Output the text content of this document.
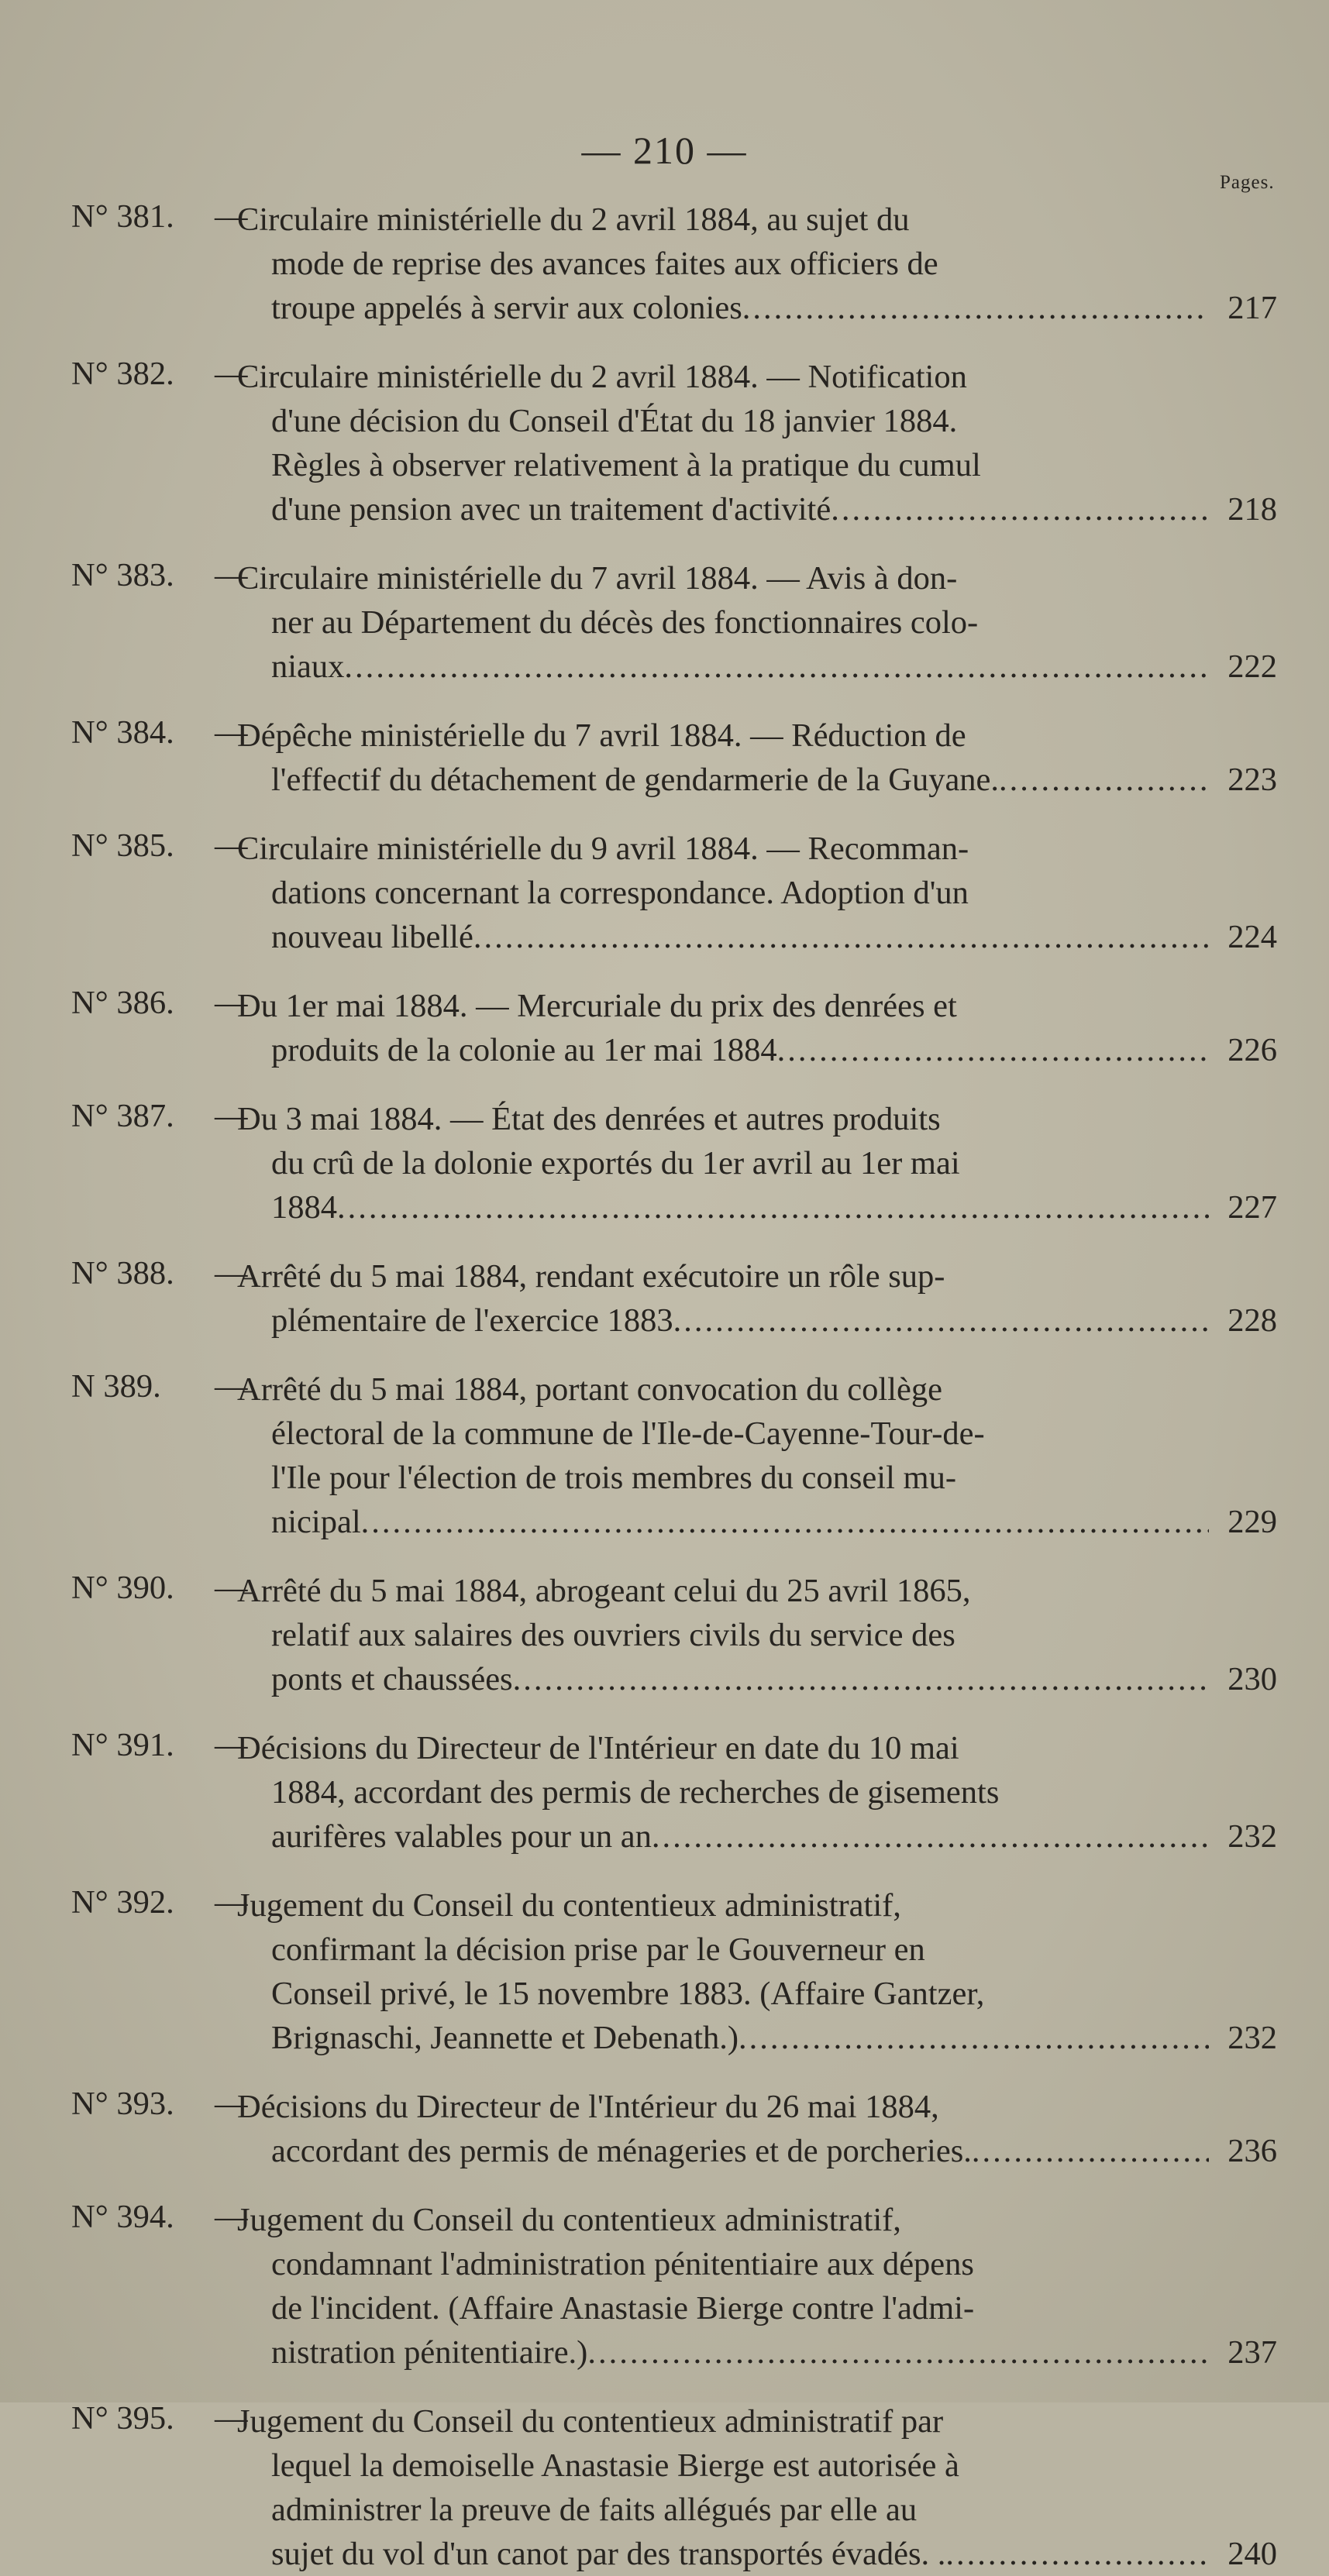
— 210 —
Pages.
N° 381.	—
Circulaire ministérielle du 2 avril 1884, au sujet du
mode de reprise des avances faites aux officiers de
troupe appelés à servir aux colonies .....	217
N° 382.	—
Circulaire ministérielle du 2 avril 1884. — Notification
d'une décision du Conseil d'État du 18 janvier 1884.
Règles à observer relativement à la pratique du cumul
d'une pension avec un traitement d'activité .....	218
N° 383.	—
Circulaire ministérielle du 7 avril 1884. — Avis à don-
ner au Département du décès des fonctionnaires colo-
niaux .....	222
N° 384.	—
Dépêche ministérielle du 7 avril 1884. — Réduction de
l'effectif du détachement de gendarmerie de la Guyane. .....	223
N° 385.	—
Circulaire ministérielle du 9 avril 1884. — Recomman-
dations concernant la correspondance. Adoption d'un
nouveau libellé .....	224
N° 386.	—
Du 1er mai 1884. — Mercuriale du prix des denrées et
produits de la colonie au 1er mai 1884 .....	226
N° 387.	—
Du 3 mai 1884. — État des denrées et autres produits
du crû de la dolonie exportés du 1er avril au 1er mai
1884 .....	227
N° 388.	—
Arrêté du 5 mai 1884, rendant exécutoire un rôle sup-
plémentaire de l'exercice 1883 .....	228
N 389.	—
Arrêté du 5 mai 1884, portant convocation du collège
électoral de la commune de l'Ile-de-Cayenne-Tour-de-
l'Ile pour l'élection de trois membres du conseil mu-
nicipal .....	229
N° 390.	—
Arrêté du 5 mai 1884, abrogeant celui du 25 avril 1865,
relatif aux salaires des ouvriers civils du service des
ponts et chaussées .....	230
N° 391.	—
Décisions du Directeur de l'Intérieur en date du 10 mai
1884, accordant des permis de recherches de gisements
aurifères valables pour un an .....	232
N° 392.	—
Jugement du Conseil du contentieux administratif,
confirmant la décision prise par le Gouverneur en
Conseil privé, le 15 novembre 1883. (Affaire Gantzer,
Brignaschi, Jeannette et Debenath.) .....	232
N° 393.	—
Décisions du Directeur de l'Intérieur du 26 mai 1884,
accordant des permis de ménageries et de porcheries. .....	236
N° 394.	—
Jugement du Conseil du contentieux administratif,
condamnant l'administration pénitentiaire aux dépens
de l'incident. (Affaire Anastasie Bierge contre l'admi-
nistration pénitentiaire.) .....	237
N° 395.	—
Jugement du Conseil du contentieux administratif par
lequel la demoiselle Anastasie Bierge est autorisée à
administrer la preuve de faits allégués par elle au
sujet du vol d'un canot par des transportés évadés. . .....	240
